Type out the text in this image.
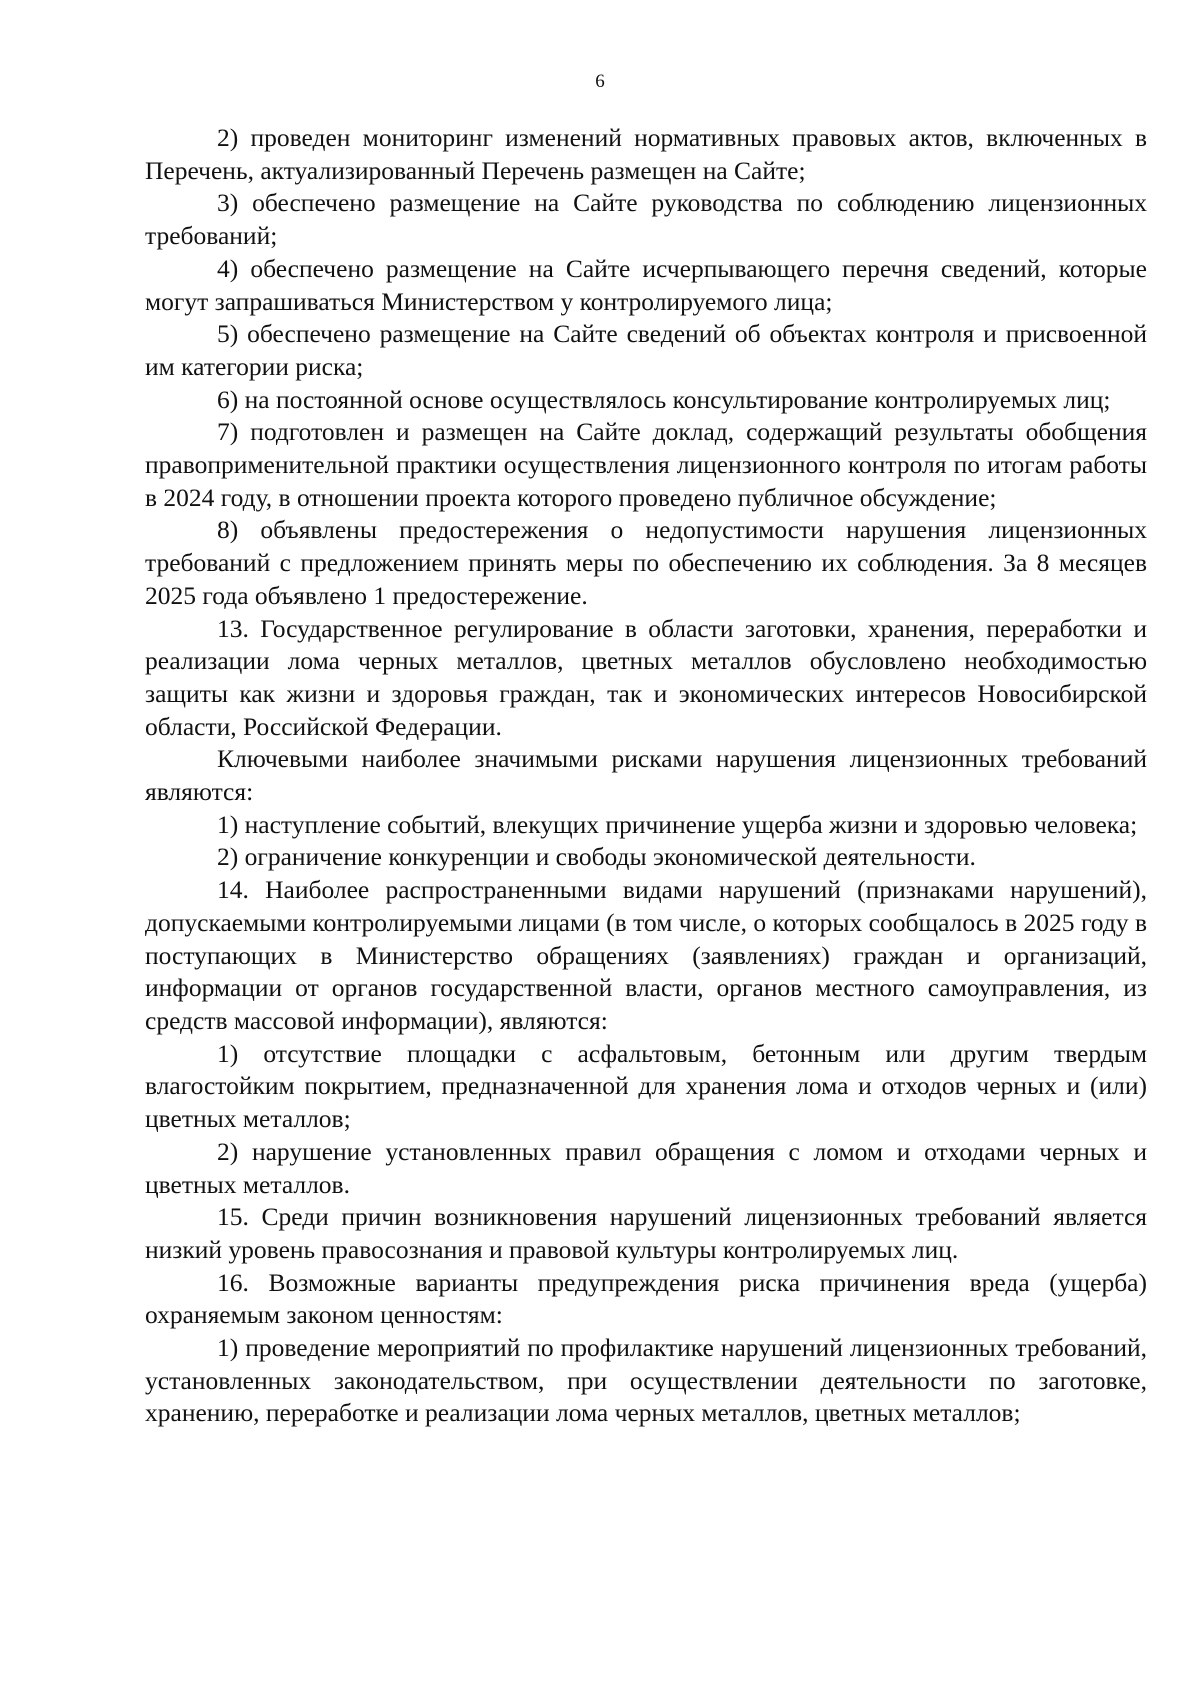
6

2) проведен мониторинг изменений нормативных правовых актов, включенных в Перечень, актуализированный Перечень размещен на Сайте;

3) обеспечено размещение на Сайте руководства по соблюдению лицензионных требований;

4) обеспечено размещение на Сайте исчерпывающего перечня сведений, которые могут запрашиваться Министерством у контролируемого лица;

5) обеспечено размещение на Сайте сведений об объектах контроля и присвоенной им категории риска;

6) на постоянной основе осуществлялось консультирование контролируемых лиц;

7) подготовлен и размещен на Сайте доклад, содержащий результаты обобщения правоприменительной практики осуществления лицензионного контроля по итогам работы в 2024 году, в отношении проекта которого проведено публичное обсуждение;

8) объявлены предостережения о недопустимости нарушения лицензионных требований с предложением принять меры по обеспечению их соблюдения. За 8 месяцев 2025 года объявлено 1 предостережение.

13. Государственное регулирование в области заготовки, хранения, переработки и реализации лома черных металлов, цветных металлов обусловлено необходимостью защиты как жизни и здоровья граждан, так и экономических интересов Новосибирской области, Российской Федерации.

Ключевыми наиболее значимыми рисками нарушения лицензионных требований являются:

1) наступление событий, влекущих причинение ущерба жизни и здоровью человека;

2) ограничение конкуренции и свободы экономической деятельности.

14. Наиболее распространенными видами нарушений (признаками нарушений), допускаемыми контролируемыми лицами (в том числе, о которых сообщалось в 2025 году в поступающих в Министерство обращениях (заявлениях) граждан и организаций, информации от органов государственной власти, органов местного самоуправления, из средств массовой информации), являются:

1) отсутствие площадки с асфальтовым, бетонным или другим твердым влагостойким покрытием, предназначенной для хранения лома и отходов черных и (или) цветных металлов;

2) нарушение установленных правил обращения с ломом и отходами черных и цветных металлов.

15. Среди причин возникновения нарушений лицензионных требований является низкий уровень правосознания и правовой культуры контролируемых лиц.

16. Возможные варианты предупреждения риска причинения вреда (ущерба) охраняемым законом ценностям:

1) проведение мероприятий по профилактике нарушений лицензионных требований, установленных законодательством, при осуществлении деятельности по заготовке, хранению, переработке и реализации лома черных металлов, цветных металлов;
